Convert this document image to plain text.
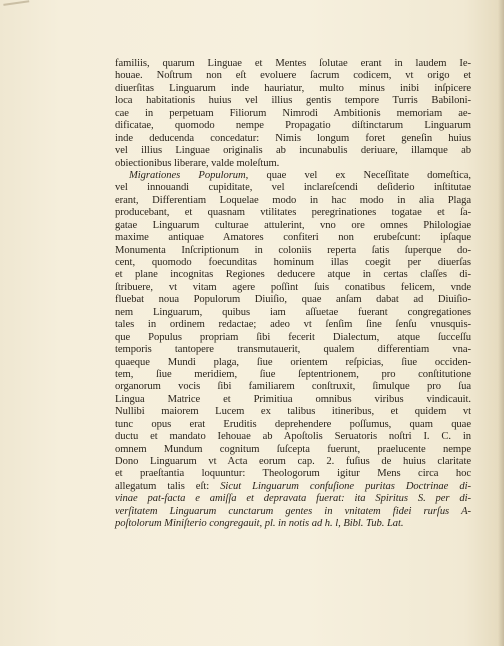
familiis, quarum Linguae et Mentes ſolutae erant in laudem Ie-
houae. Noſtrum non eſt evoluere ſacrum codicem, vt origo et
diuerſitas Linguarum inde hauriatur, multo minus inibi inſpicere
loca habitationis huius vel illius gentis tempore Turris Babiloni-
cae in perpetuam Filiorum Nimrodi Ambitionis memoriam ae-
dificatae, quomodo nempe Propagatio diſtinctarum Linguarum
inde deducenda concedatur: Nimis longum foret geneſin huius
vel illius Linguae originalis ab incunabulis deriuare, illamque ab
obiectionibus liberare, valde moleſtum.
Migrationes Populorum, quae vel ex Neceſſitate domeſtica,
vel innouandi cupiditate, vel inclareſcendi deſiderio inſtitutae
erant, Differentiam Loquelae modo in hac modo in alia Plaga
producebant, et quasnam vtilitates peregrinationes togatae et ſa-
gatae Linguarum culturae attulerint, vno ore omnes Philologiae
maxime antiquae Amatores confiteri non erubeſcunt: ipſaque
Monumenta Inſcriptionum in coloniis reperta ſatis ſuperque do-
cent, quomodo foecunditas hominum illas coegit per diuerſas
et plane incognitas Regiones deducere atque in certas claſſes di-
ſtribuere, vt vitam agere poſſint ſuis conatibus felicem, vnde
fluebat noua Populorum Diuiſio, quae anſam dabat ad Diuiſio-
nem Linguarum, quibus iam aſſuetae fuerant congregationes
tales in ordinem redactae; adeo vt ſenſim ſine ſenſu vnusquis-
que Populus propriam ſibi fecerit Dialectum, atque ſucceſſu
temporis tantopere transmutauerit, qualem differentiam vna-
quaeque Mundi plaga, ſiue orientem reſpicias, ſiue occiden-
tem, ſiue meridiem, ſiue ſeptentrionem, pro conſtitutione
organorum vocis ſibi familiarem conſtruxit, ſimulque pro ſua
Lingua Matrice et Primitiua omnibus viribus vindicauit.
Nullibi maiorem Lucem ex talibus itineribus, et quidem vt
tunc opus erat Eruditis deprehendere poſſumus, quam quae
ductu et mandato Iehouae ab Apoſtolis Seruatoris noſtri I. C. in
omnem Mundum cognitum ſuſcepta fuerunt, praelucente nempe
Dono Linguarum vt Acta eorum cap. 2. fuſius de huius claritate
et praeſtantia loquuntur: Theologorum igitur Mens circa hoc
allegatum talis eſt: Sicut Linguarum confuſione puritas Doctrinae di-
vinae pat-facta e amiſſa et depravata fuerat: ita Spiritus S. per di-
verſitatem Linguarum cunctarum gentes in vnitatem fidei rurſus A-
poſtolorum Miniſterio congregauit, pl. in notis ad h. l, Bibl. Tub. Lat.
